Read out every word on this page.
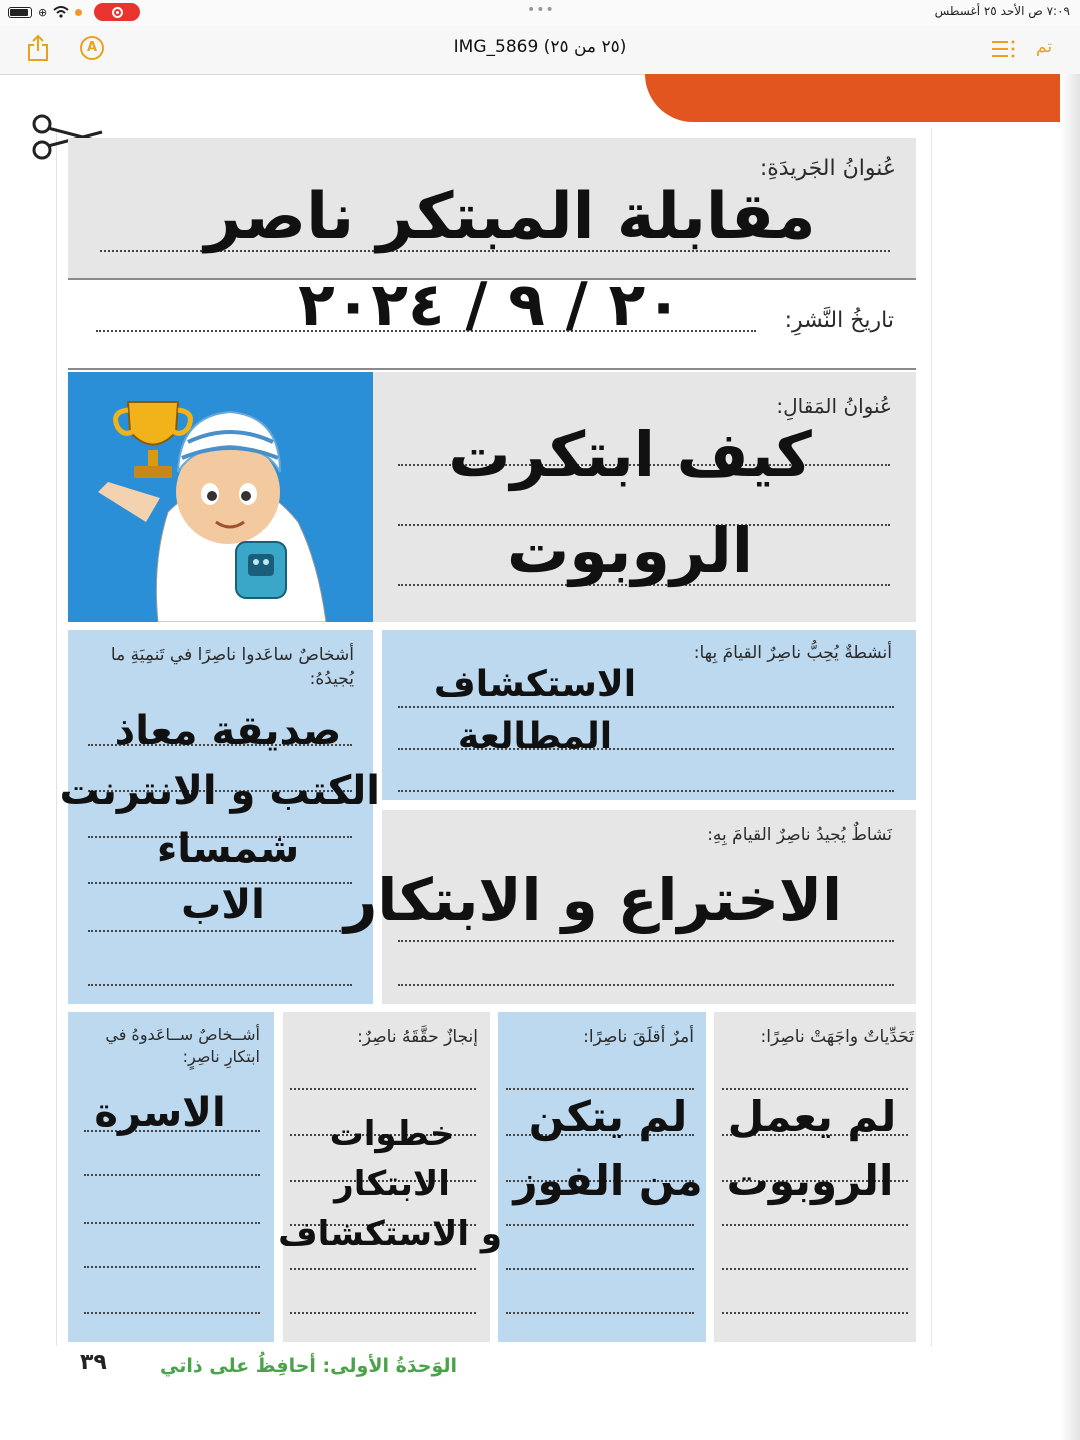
⊕	•••	٧:٠٩ ص الأحد ٢٥ أغسطس
A	IMG_5869 (٢٥ من ٢٥)	تم
عُنوانُ الجَريدَةِ:
مقابلة المبتكر ناصر
تاريخُ النَّشرِ:
٢٠ / ٩ / ٢٠٢٤
عُنوانُ المَقالِ:
كيف ابتكرت
الروبوت
أشخاصٌ ساعَدوا ناصِرًا في تَنمِيَةِ ما يُجيدُهُ:
صديقة معاذ
الكتب و الانترنت
شمساء
الاب
أنشطةٌ يُحِبُّ ناصِرٌ القيامَ بِها:
الاستكشاف
المطالعة
نَشاطٌ يُجيدُ ناصِرٌ القيامَ بِهِ:
الاختراع و الابتكار
تَحَدِّياتٌ واجَهَتْ ناصِرًا:
أمرٌ أقلَقَ ناصِرًا:
إنجازٌ حقَّقَهُ ناصِرٌ:
أشــخاصٌ ســاعَدوهُ في ابتكارِ ناصِرٍ:
لم يعمل
الروبوت
لم يتكن
من الفوز
خطوات
الابتكار
و الاستكشاف
الاسرة
٣٩	الوَحدَةُ الأولى: أحافِظُ على ذاتي
